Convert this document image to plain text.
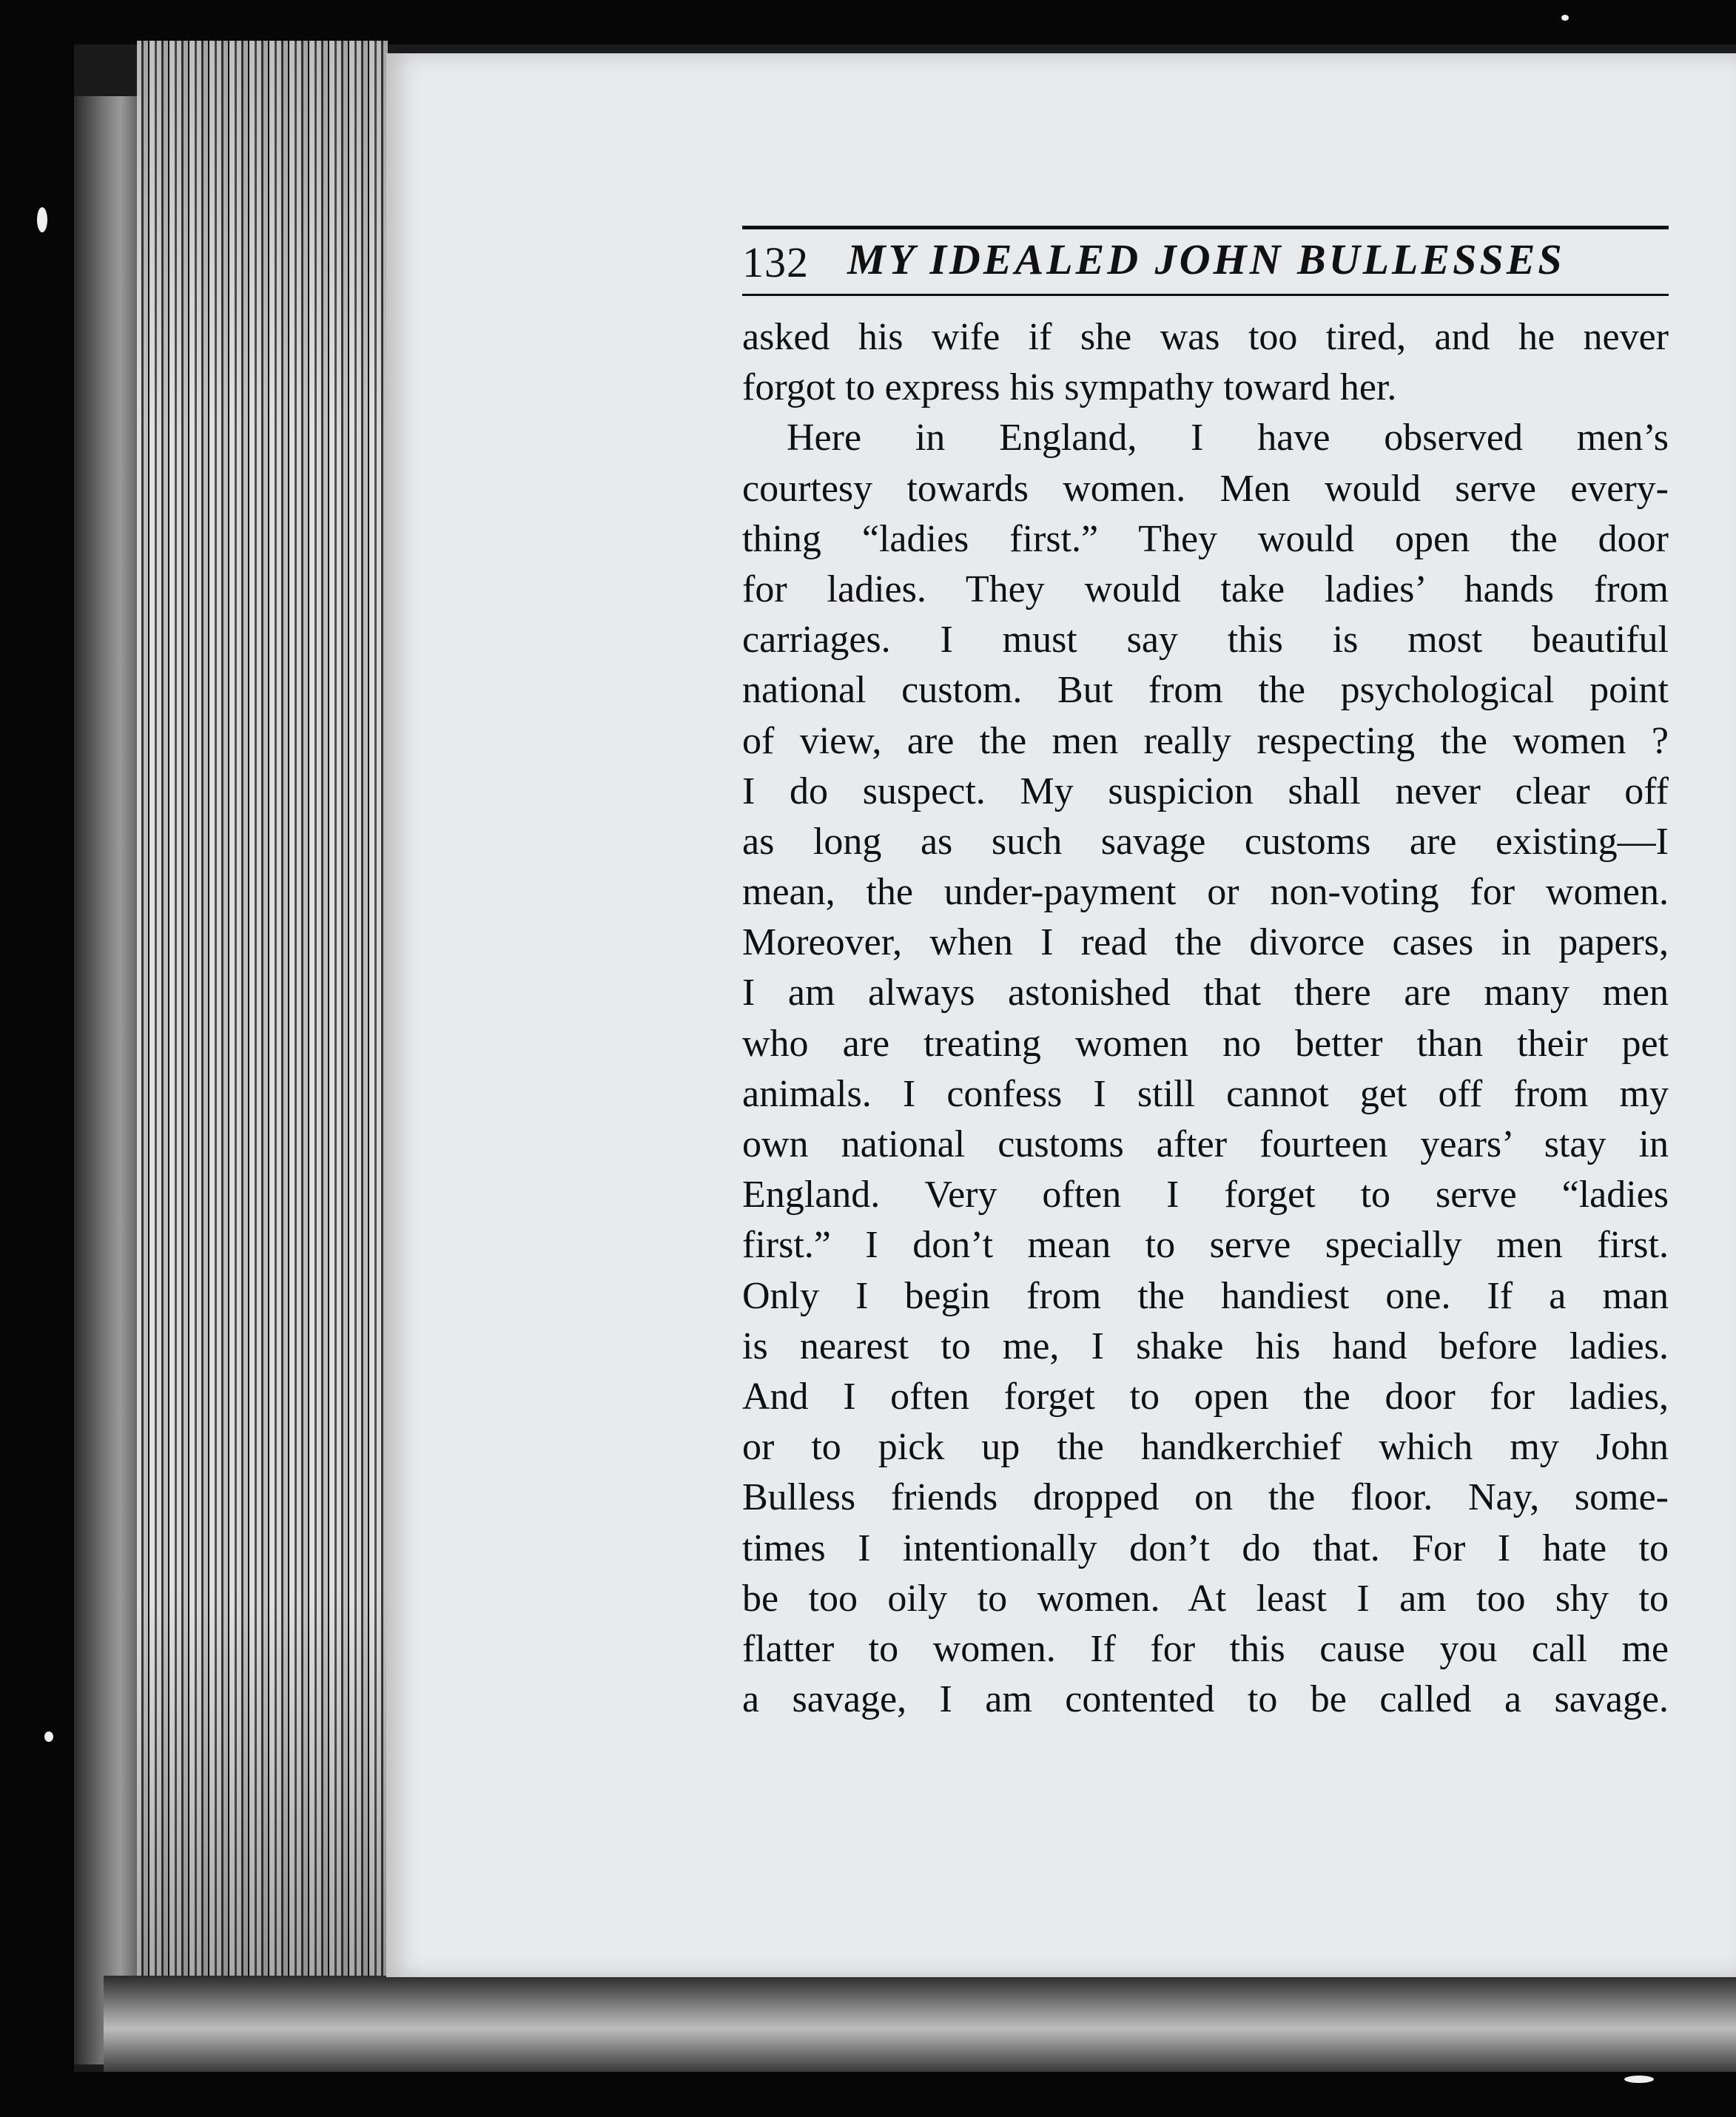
132 MY IDEALED JOHN BULLESSES
asked his wife if she was too tired, and he never
forgot to express his sympathy toward her.
Here in England, I have observed men’s
courtesy towards women. Men would serve every-
thing “ladies first.” They would open the door
for ladies. They would take ladies’ hands from
carriages. I must say this is most beautiful
national custom. But from the psychological point
of view, are the men really respecting the women ?
I do suspect. My suspicion shall never clear off
as long as such savage customs are existing—I
mean, the under-payment or non-voting for women.
Moreover, when I read the divorce cases in papers,
I am always astonished that there are many men
who are treating women no better than their pet
animals. I confess I still cannot get off from my
own national customs after fourteen years’ stay in
England. Very often I forget to serve “ladies
first.” I don’t mean to serve specially men first.
Only I begin from the handiest one. If a man
is nearest to me, I shake his hand before ladies.
And I often forget to open the door for ladies,
or to pick up the handkerchief which my John
Bulless friends dropped on the floor. Nay, some-
times I intentionally don’t do that. For I hate to
be too oily to women. At least I am too shy to
flatter to women. If for this cause you call me
a savage, I am contented to be called a savage.
